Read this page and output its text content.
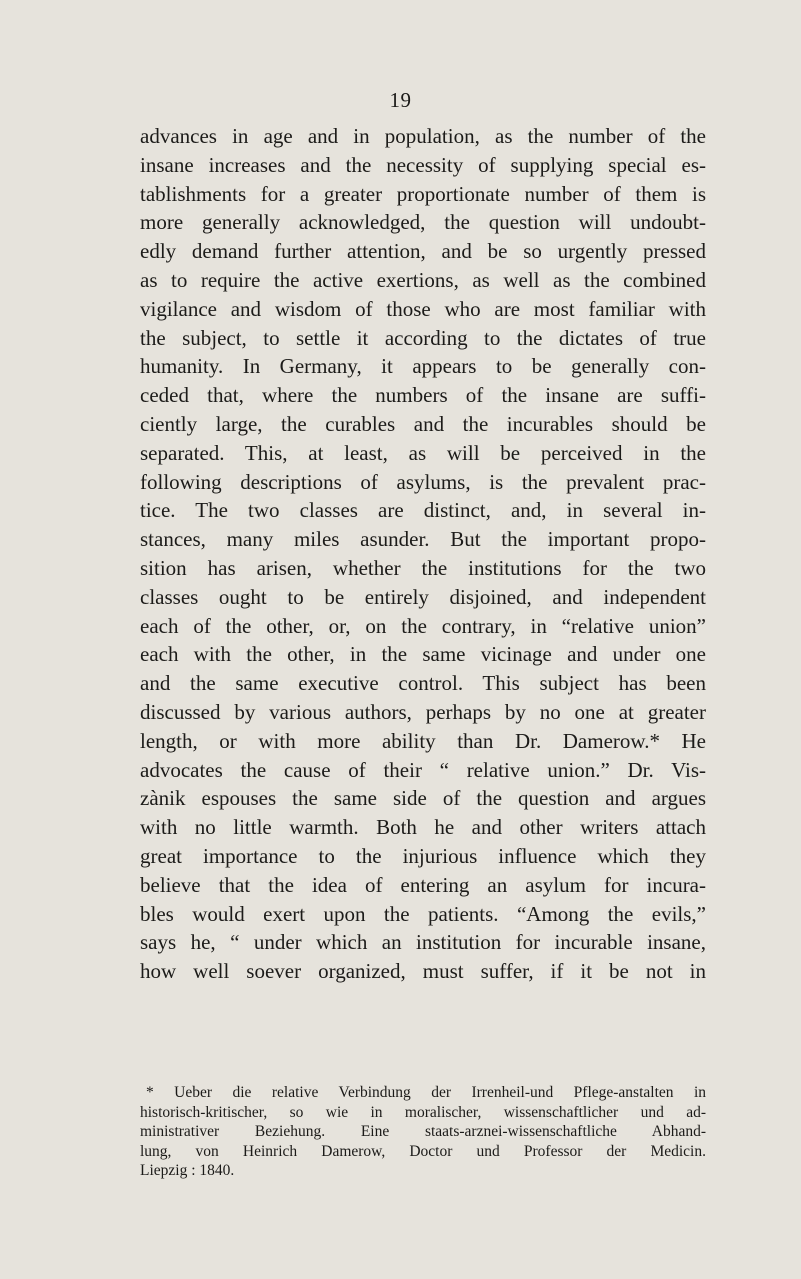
19
advances in age and in population, as the number of the
insane increases and the necessity of supplying special es-
tablishments for a greater proportionate number of them is
more generally acknowledged, the question will undoubt-
edly demand further attention, and be so urgently pressed
as to require the active exertions, as well as the combined
vigilance and wisdom of those who are most familiar with
the subject, to settle it according to the dictates of true
humanity. In Germany, it appears to be generally con-
ceded that, where the numbers of the insane are suffi-
ciently large, the curables and the incurables should be
separated. This, at least, as will be perceived in the
following descriptions of asylums, is the prevalent prac-
tice. The two classes are distinct, and, in several in-
stances, many miles asunder. But the important propo-
sition has arisen, whether the institutions for the two
classes ought to be entirely disjoined, and independent
each of the other, or, on the contrary, in “relative union”
each with the other, in the same vicinage and under one
and the same executive control. This subject has been
discussed by various authors, perhaps by no one at greater
length, or with more ability than Dr. Damerow.* He
advocates the cause of their “ relative union.” Dr. Vis-
zànik espouses the same side of the question and argues
with no little warmth. Both he and other writers attach
great importance to the injurious influence which they
believe that the idea of entering an asylum for incura-
bles would exert upon the patients. “Among the evils,”
says he, “ under which an institution for incurable insane,
how well soever organized, must suffer, if it be not in
* Ueber die relative Verbindung der Irrenheil-und Pflege-anstalten in
historisch-kritischer, so wie in moralischer, wissenschaftlicher und ad-
ministrativer Beziehung. Eine staats-arznei-wissenschaftliche Abhand-
lung, von Heinrich Damerow, Doctor und Professor der Medicin.
Liepzig : 1840.
